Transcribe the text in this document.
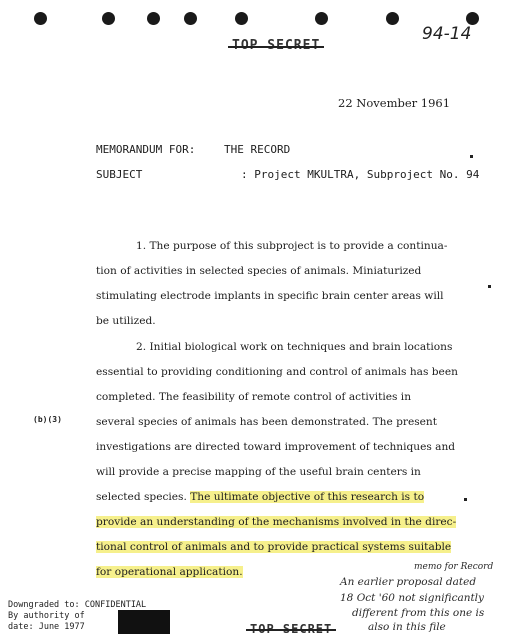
TOP SECRET
94-14
22 November 1961
MEMORANDUM FOR:	THE RECORD
SUBJECT	: Project MKULTRA, Subproject No. 94
1. The purpose of this subproject is to provide a continua-
tion of activities in selected species of animals. Miniaturized
stimulating electrode implants in specific brain center areas will
be utilized.
2. Initial biological work on techniques and brain locations
essential to providing conditioning and control of animals has been
completed. The feasibility of remote control of activities in
several species of animals has been demonstrated. The present
investigations are directed toward improvement of techniques and
will provide a precise mapping of the useful brain centers in
selected species. The ultimate objective of this research is to
provide an understanding of the mechanisms involved in the direc-
tional control of animals and to provide practical systems suitable
for operational application.
(b)(3)
memo for Record
An earlier proposal dated
18 Oct '60 not significantly
different from this one is
also in this file
Downgraded to: CONFIDENTIAL
By authority of
date: June 1977	TOP SECRET
